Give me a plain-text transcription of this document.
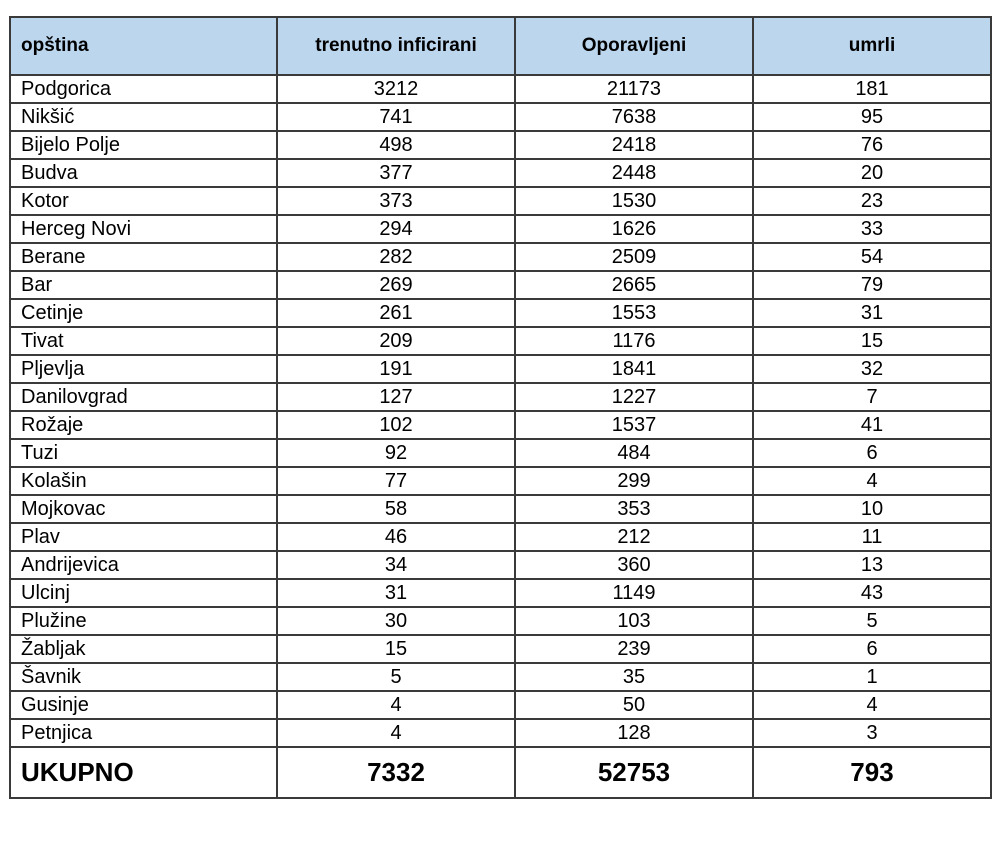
opština	trenutno inficirani	Oporavljeni	umrli
Podgorica	3212	21173	181
Nikšić	741	7638	95
Bijelo Polje	498	2418	76
Budva	377	2448	20
Kotor	373	1530	23
Herceg Novi	294	1626	33
Berane	282	2509	54
Bar	269	2665	79
Cetinje	261	1553	31
Tivat	209	1176	15
Pljevlja	191	1841	32
Danilovgrad	127	1227	7
Rožaje	102	1537	41
Tuzi	92	484	6
Kolašin	77	299	4
Mojkovac	58	353	10
Plav	46	212	11
Andrijevica	34	360	13
Ulcinj	31	1149	43
Plužine	30	103	5
Žabljak	15	239	6
Šavnik	5	35	1
Gusinje	4	50	4
Petnjica	4	128	3
UKUPNO	7332	52753	793
